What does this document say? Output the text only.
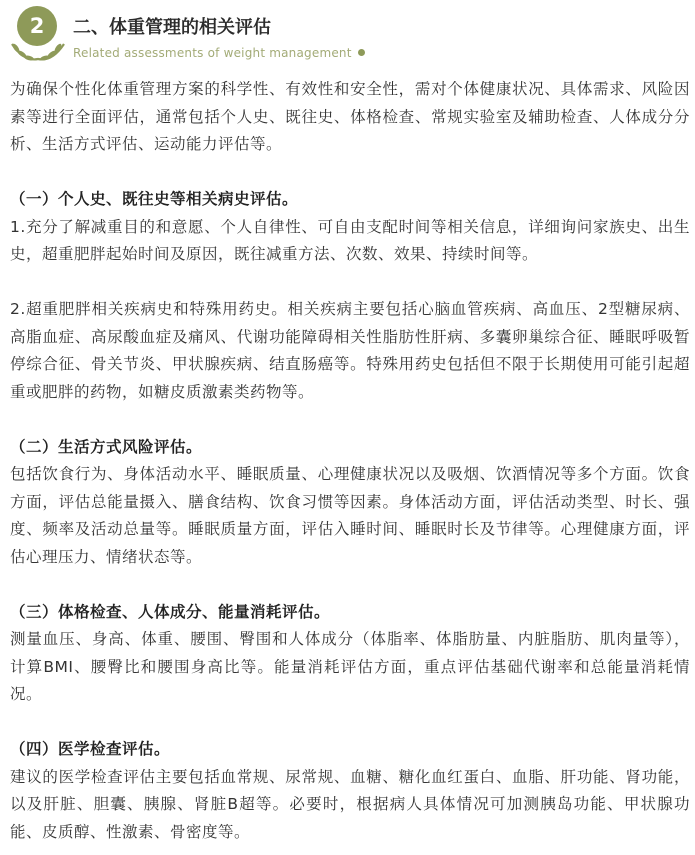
2	二、体重管理的相关评估
Related assessments of weight management

为确保个性化体重管理方案的科学性、有效性和安全性，需对个体健康状况、具体需求、风险因素等进行全面评估，通常包括个人史、既往史、体格检查、常规实验室及辅助检查、人体成分分析、生活方式评估、运动能力评估等。

（一）个人史、既往史等相关病史评估。

1.充分了解减重目的和意愿、个人自律性、可自由支配时间等相关信息，详细询问家族史、出生史，超重肥胖起始时间及原因，既往减重方法、次数、效果、持续时间等。

2.超重肥胖相关疾病史和特殊用药史。相关疾病主要包括心脑血管疾病、高血压、2型糖尿病、高脂血症、高尿酸血症及痛风、代谢功能障碍相关性脂肪性肝病、多囊卵巢综合征、睡眠呼吸暂停综合征、骨关节炎、甲状腺疾病、结直肠癌等。特殊用药史包括但不限于长期使用可能引起超重或肥胖的药物，如糖皮质激素类药物等。

（二）生活方式风险评估。

包括饮食行为、身体活动水平、睡眠质量、心理健康状况以及吸烟、饮酒情况等多个方面。饮食方面，评估总能量摄入、膳食结构、饮食习惯等因素。身体活动方面，评估活动类型、时长、强度、频率及活动总量等。睡眠质量方面，评估入睡时间、睡眠时长及节律等。心理健康方面，评估心理压力、情绪状态等。

（三）体格检查、人体成分、能量消耗评估。

测量血压、身高、体重、腰围、臀围和人体成分（体脂率、体脂肪量、内脏脂肪、肌肉量等），计算BMI、腰臀比和腰围身高比等。能量消耗评估方面，重点评估基础代谢率和总能量消耗情况。

（四）医学检查评估。

建议的医学检查评估主要包括血常规、尿常规、血糖、糖化血红蛋白、血脂、肝功能、肾功能，以及肝脏、胆囊、胰腺、肾脏B超等。必要时，根据病人具体情况可加测胰岛功能、甲状腺功能、皮质醇、性激素、骨密度等。
